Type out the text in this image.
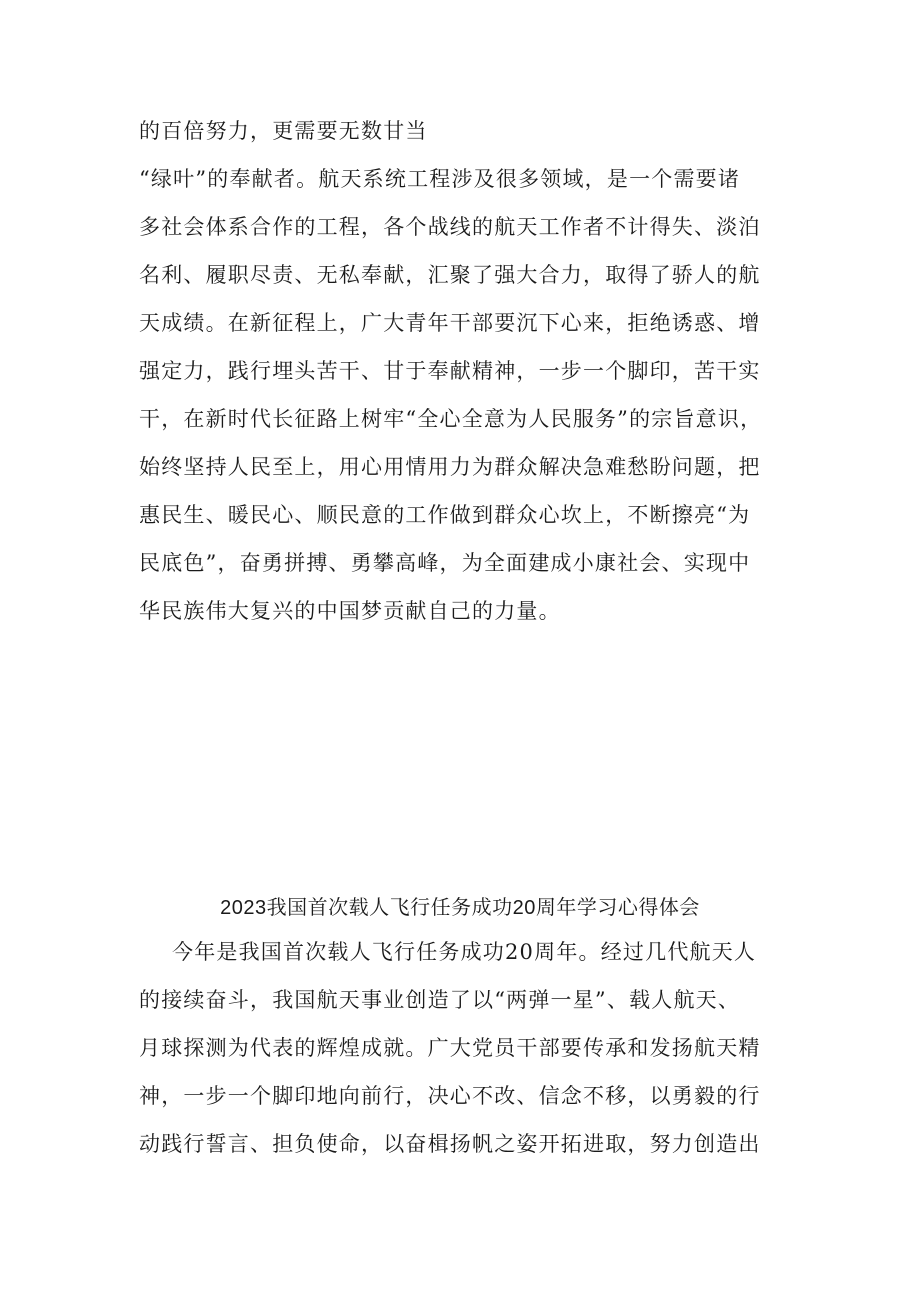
的百倍努力，更需要无数甘当
“绿叶”的奉献者。航天系统工程涉及很多领域，是一个需要诸
多社会体系合作的工程，各个战线的航天工作者不计得失、淡泊
名利、履职尽责、无私奉献，汇聚了强大合力，取得了骄人的航
天成绩。在新征程上，广大青年干部要沉下心来，拒绝诱惑、增
强定力，践行埋头苦干、甘于奉献精神，一步一个脚印，苦干实
干，在新时代长征路上树牢“全心全意为人民服务”的宗旨意识，
始终坚持人民至上，用心用情用力为群众解决急难愁盼问题，把
惠民生、暖民心、顺民意的工作做到群众心坎上，不断擦亮“为
民底色”，奋勇拼搏、勇攀高峰，为全面建成小康社会、实现中
华民族伟大复兴的中国梦贡献自己的力量。
2023我国首次载人飞行任务成功20周年学习心得体会
今年是我国首次载人飞行任务成功20周年。经过几代航天人
的接续奋斗，我国航天事业创造了以“两弹一星”、载人航天、
月球探测为代表的辉煌成就。广大党员干部要传承和发扬航天精
神，一步一个脚印地向前行，决心不改、信念不移，以勇毅的行
动践行誓言、担负使命，以奋楫扬帆之姿开拓进取，努力创造出
